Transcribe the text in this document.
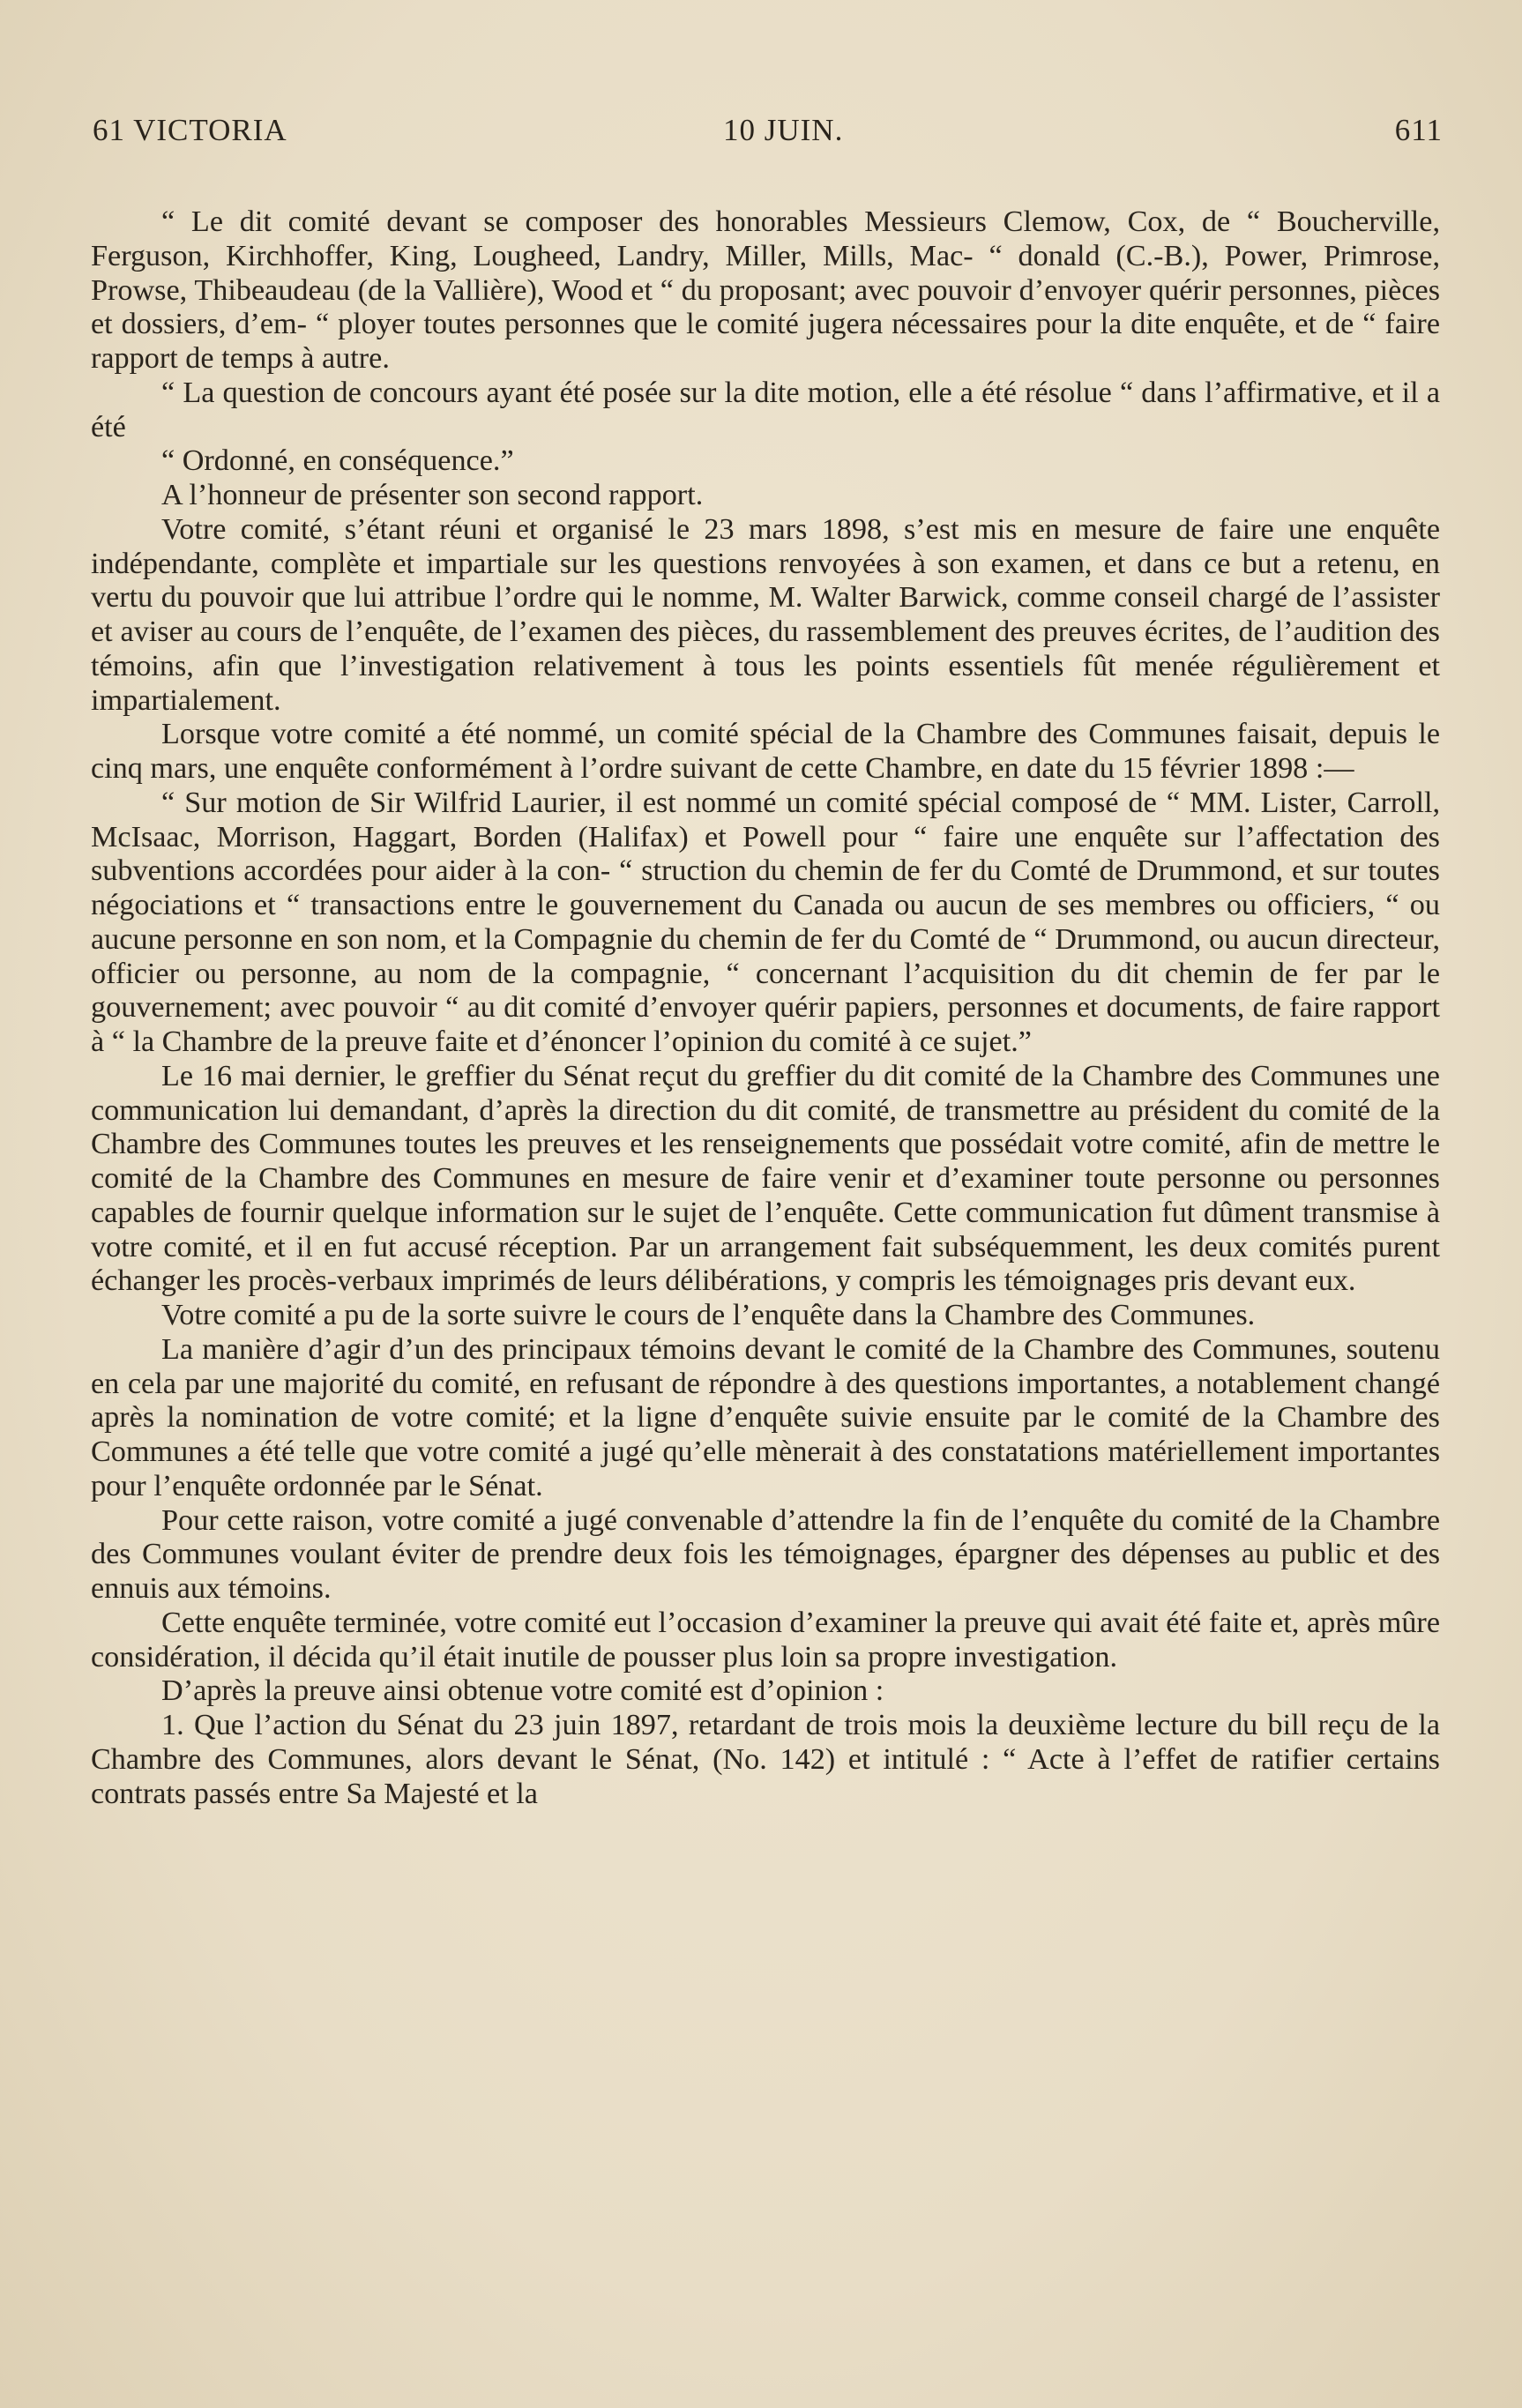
61 VICTORIA	10 JUIN.	611

“ Le dit comité devant se composer des honorables Messieurs Clemow, Cox, de “ Boucherville, Ferguson, Kirchhoffer, King, Lougheed, Landry, Miller, Mills, Mac- “ donald (C.-B.), Power, Primrose, Prowse, Thibeaudeau (de la Vallière), Wood et “ du proposant; avec pouvoir d’envoyer quérir personnes, pièces et dossiers, d’em- “ ployer toutes personnes que le comité jugera nécessaires pour la dite enquête, et de “ faire rapport de temps à autre.

“ La question de concours ayant été posée sur la dite motion, elle a été résolue “ dans l’affirmative, et il a été

“ Ordonné, en conséquence.”

A l’honneur de présenter son second rapport.

Votre comité, s’étant réuni et organisé le 23 mars 1898, s’est mis en mesure de faire une enquête indépendante, complète et impartiale sur les questions renvoyées à son examen, et dans ce but a retenu, en vertu du pouvoir que lui attribue l’ordre qui le nomme, M. Walter Barwick, comme conseil chargé de l’assister et aviser au cours de l’enquête, de l’examen des pièces, du rassemblement des preuves écrites, de l’audition des témoins, afin que l’investigation relativement à tous les points essentiels fût menée régulièrement et impartialement.

Lorsque votre comité a été nommé, un comité spécial de la Chambre des Communes faisait, depuis le cinq mars, une enquête conformément à l’ordre suivant de cette Chambre, en date du 15 février 1898 :—

“ Sur motion de Sir Wilfrid Laurier, il est nommé un comité spécial composé de “ MM. Lister, Carroll, McIsaac, Morrison, Haggart, Borden (Halifax) et Powell pour “ faire une enquête sur l’affectation des subventions accordées pour aider à la con- “ struction du chemin de fer du Comté de Drummond, et sur toutes négociations et “ transactions entre le gouvernement du Canada ou aucun de ses membres ou officiers, “ ou aucune personne en son nom, et la Compagnie du chemin de fer du Comté de “ Drummond, ou aucun directeur, officier ou personne, au nom de la compagnie, “ concernant l’acquisition du dit chemin de fer par le gouvernement; avec pouvoir “ au dit comité d’envoyer quérir papiers, personnes et documents, de faire rapport à “ la Chambre de la preuve faite et d’énoncer l’opinion du comité à ce sujet.”

Le 16 mai dernier, le greffier du Sénat reçut du greffier du dit comité de la Chambre des Communes une communication lui demandant, d’après la direction du dit comité, de transmettre au président du comité de la Chambre des Communes toutes les preuves et les renseignements que possédait votre comité, afin de mettre le comité de la Chambre des Communes en mesure de faire venir et d’examiner toute personne ou personnes capables de fournir quelque information sur le sujet de l’enquête. Cette communication fut dûment transmise à votre comité, et il en fut accusé réception. Par un arrangement fait subséquemment, les deux comités purent échanger les procès-verbaux imprimés de leurs délibérations, y compris les témoignages pris devant eux.

Votre comité a pu de la sorte suivre le cours de l’enquête dans la Chambre des Communes.

La manière d’agir d’un des principaux témoins devant le comité de la Chambre des Communes, soutenu en cela par une majorité du comité, en refusant de répondre à des questions importantes, a notablement changé après la nomination de votre comité; et la ligne d’enquête suivie ensuite par le comité de la Chambre des Communes a été telle que votre comité a jugé qu’elle mènerait à des constatations matériellement importantes pour l’enquête ordonnée par le Sénat.

Pour cette raison, votre comité a jugé convenable d’attendre la fin de l’enquête du comité de la Chambre des Communes voulant éviter de prendre deux fois les témoignages, épargner des dépenses au public et des ennuis aux témoins.

Cette enquête terminée, votre comité eut l’occasion d’examiner la preuve qui avait été faite et, après mûre considération, il décida qu’il était inutile de pousser plus loin sa propre investigation.

D’après la preuve ainsi obtenue votre comité est d’opinion :

1. Que l’action du Sénat du 23 juin 1897, retardant de trois mois la deuxième lecture du bill reçu de la Chambre des Communes, alors devant le Sénat, (No. 142) et intitulé : “ Acte à l’effet de ratifier certains contrats passés entre Sa Majesté et la
